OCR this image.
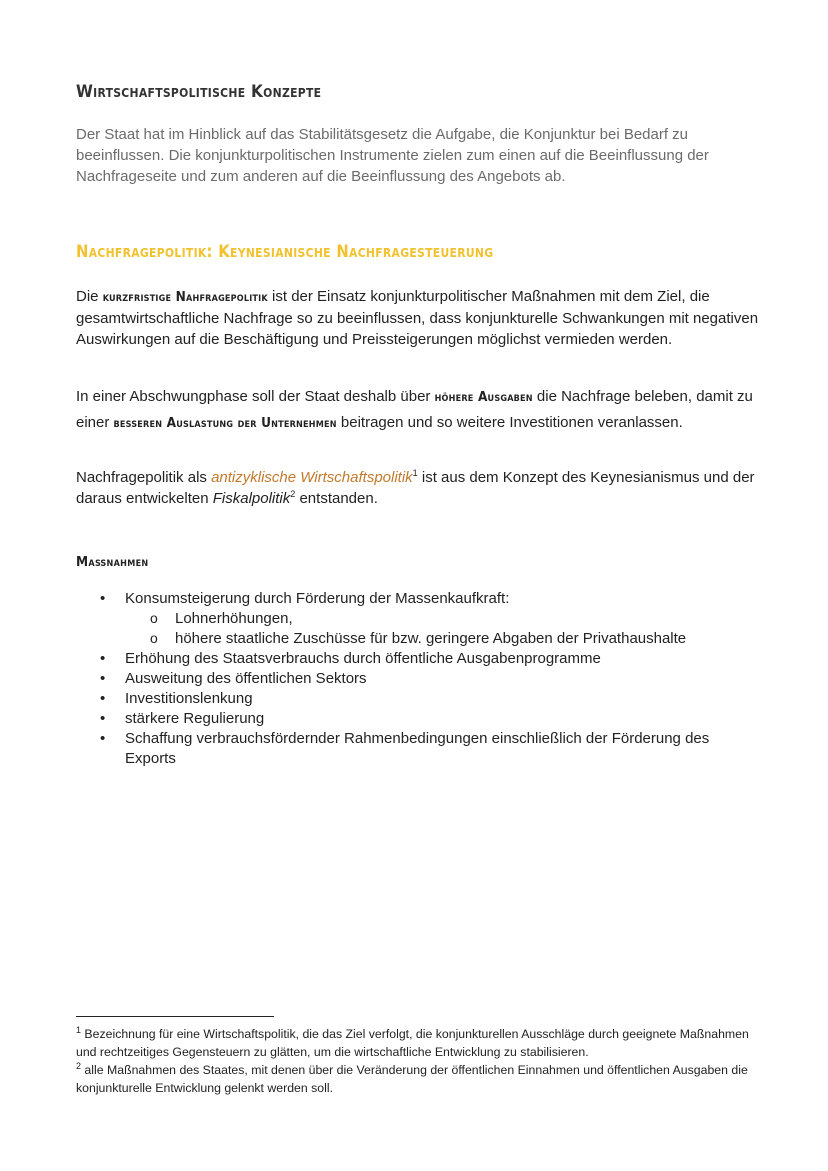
Wirtschaftspolitische Konzepte

Der Staat hat im Hinblick auf das Stabilitätsgesetz die Aufgabe, die Konjunktur bei Bedarf zu beeinflussen. Die konjunkturpolitischen Instrumente zielen zum einen auf die Beeinflussung der Nachfrageseite und zum anderen auf die Beeinflussung des Angebots ab.

Nachfragepolitik: Keynesianische Nachfragesteuerung

Die kurzfristige Nahfragepolitik ist der Einsatz konjunkturpolitischer Maßnahmen mit dem Ziel, die gesamtwirtschaftliche Nachfrage so zu beeinflussen, dass konjunkturelle Schwankungen mit negativen Auswirkungen auf die Beschäftigung und Preissteigerungen möglichst vermieden werden.

In einer Abschwungphase soll der Staat deshalb über höhere Ausgaben die Nachfrage beleben, damit zu einer besseren Auslastung der Unternehmen beitragen und so weitere Investitionen veranlassen.

Nachfragepolitik als antizyklische Wirtschaftspolitik$^1$ ist aus dem Konzept des Keynesianismus und der daraus entwickelten Fiskalpolitik$^2$ entstanden.

Maßnahmen
• Konsumsteigerung durch Förderung der Massenkaufkraft:
o Lohnerhöhungen,
o höhere staatliche Zuschüsse für bzw. geringere Abgaben der Privathaushalte
• Erhöhung des Staatsverbrauchs durch öffentliche Ausgabenprogramme
• Ausweitung des öffentlichen Sektors
• Investitionslenkung
• stärkere Regulierung
• Schaffung verbrauchsfördernder Rahmenbedingungen einschließlich der Förderung des Exports

$^1$ Bezeichnung für eine Wirtschaftspolitik, die das Ziel verfolgt, die konjunkturellen Ausschläge durch geeignete Maßnahmen und rechtzeitiges Gegensteuern zu glätten, um die wirtschaftliche Entwicklung zu stabilisieren.

$^2$ alle Maßnahmen des Staates, mit denen über die Veränderung der öffentlichen Einnahmen und öffentlichen Ausgaben die konjunkturelle Entwicklung gelenkt werden soll.
